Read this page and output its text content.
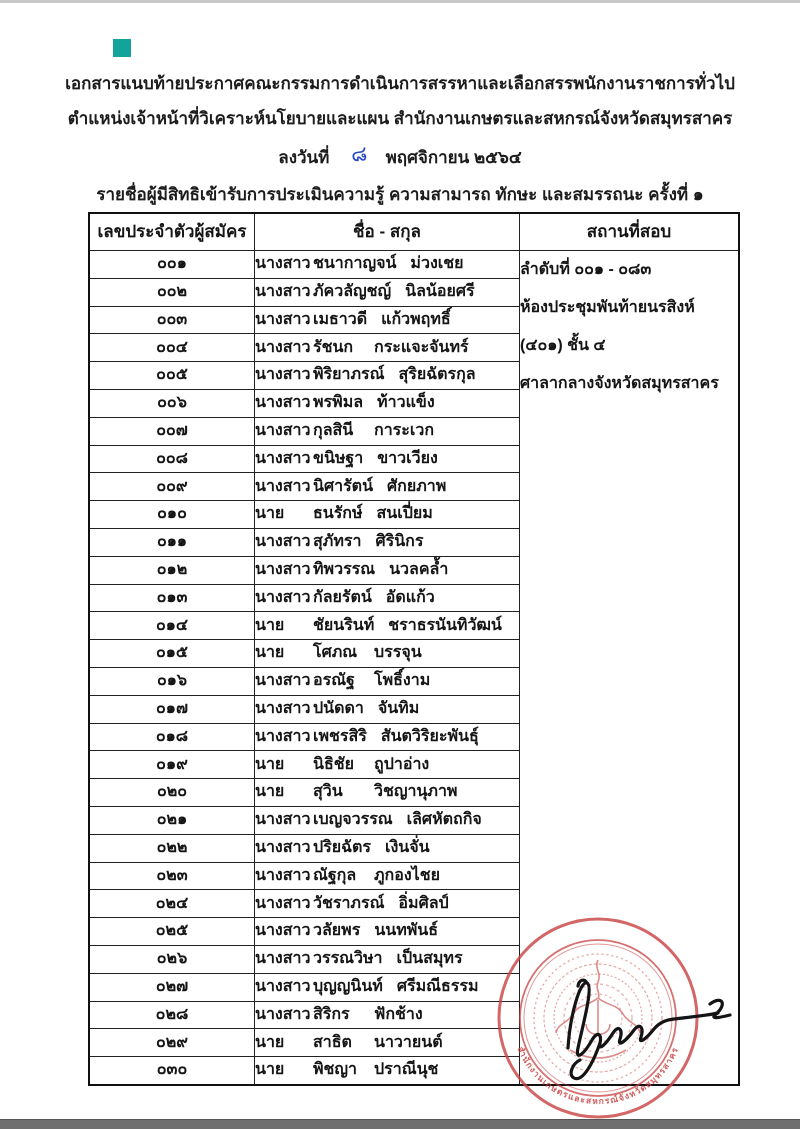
เอกสารแนบท้ายประกาศคณะกรรมการดำเนินการสรรหาและเลือกสรรพนักงานราชการทั่วไป
ตำแหน่งเจ้าหน้าที่วิเคราะห์นโยบายและแผน สำนักงานเกษตรและสหกรณ์จังหวัดสมุทรสาคร
ลงวันที่ ๘ พฤศจิกายน ๒๕๖๔
รายชื่อผู้มีสิทธิเข้ารับการประเมินความรู้ ความสามารถ ทักษะ และสมรรถนะ ครั้งที่ ๑
เลขประจำตัวผู้สมัคร	ชื่อ - สกุล	สถานที่สอบ
๐๐๑	นางสาว ชนากาญจน์ ม่วงเชย	ลำดับที่ ๐๐๑ - ๐๘๓
ห้องประชุมพันท้ายนรสิงห์
(๔๐๑) ชั้น ๔
ศาลากลางจังหวัดสมุทรสาคร

๐๐๒	นางสาว ภัควลัญชญ์ นิลน้อยศรี	
๐๐๓	นางสาว เมธาวดี แก้วพฤทธิ์	
๐๐๔	นางสาว รัชนก กระแจะจันทร์	
๐๐๕	นางสาว พิริยาภรณ์ สุริยฉัตรกุล	
๐๐๖	นางสาว พรพิมล ท้าวแข็ง	
๐๐๗	นางสาว กุลสินี การะเวก	
๐๐๘	นางสาว ขนิษฐา ขาวเวียง	
๐๐๙	นางสาว นิศารัตน์ ศักยภาพ	
๐๑๐	นาย ธนรักษ์ สนเปี่ยม	
๐๑๑	นางสาว สุภัทรา ศิรินิกร	
๐๑๒	นางสาว ทิพวรรณ นวลคล้ำ	
๐๑๓	นางสาว กัลยรัตน์ อัดแก้ว	
๐๑๔	นาย ชัยนรินท์ ชราธรนันทิวัฒน์	
๐๑๕	นาย โศภณ บรรจุน	
๐๑๖	นางสาว อรณัฐ โพธิ์งาม	
๐๑๗	นางสาว ปนัดดา จันทิม	
๐๑๘	นางสาว เพชรสิริ สันตวิริยะพันธุ์	
๐๑๙	นาย นิธิชัย ถูปาอ่าง	
๐๒๐	นาย สุวิน วิชญานุภาพ	
๐๒๑	นางสาว เบญจวรรณ เลิศหัตถกิจ	
๐๒๒	นางสาว ปริยฉัตร เงินจั่น	
๐๒๓	นางสาว ณัฐกุล ภูกองไชย	
๐๒๔	นางสาว วัชราภรณ์ อิ่มศิลป์	
๐๒๕	นางสาว วลัยพร นนทพันธ์	
๐๒๖	นางสาว วรรณวิษา เป็นสมุทร	
๐๒๗	นางสาว บุญญนินท์ ศรีมณีธรรม	
๐๒๘	นางสาว สิริกร ฟักช้าง	
๐๒๙	นาย สาธิต นาวายนต์	
๐๓๐	นาย พิชญา ปราณีนุช	
สำนักงานเกษตรและสหกรณ์จังหวัดสมุทรสาคร
